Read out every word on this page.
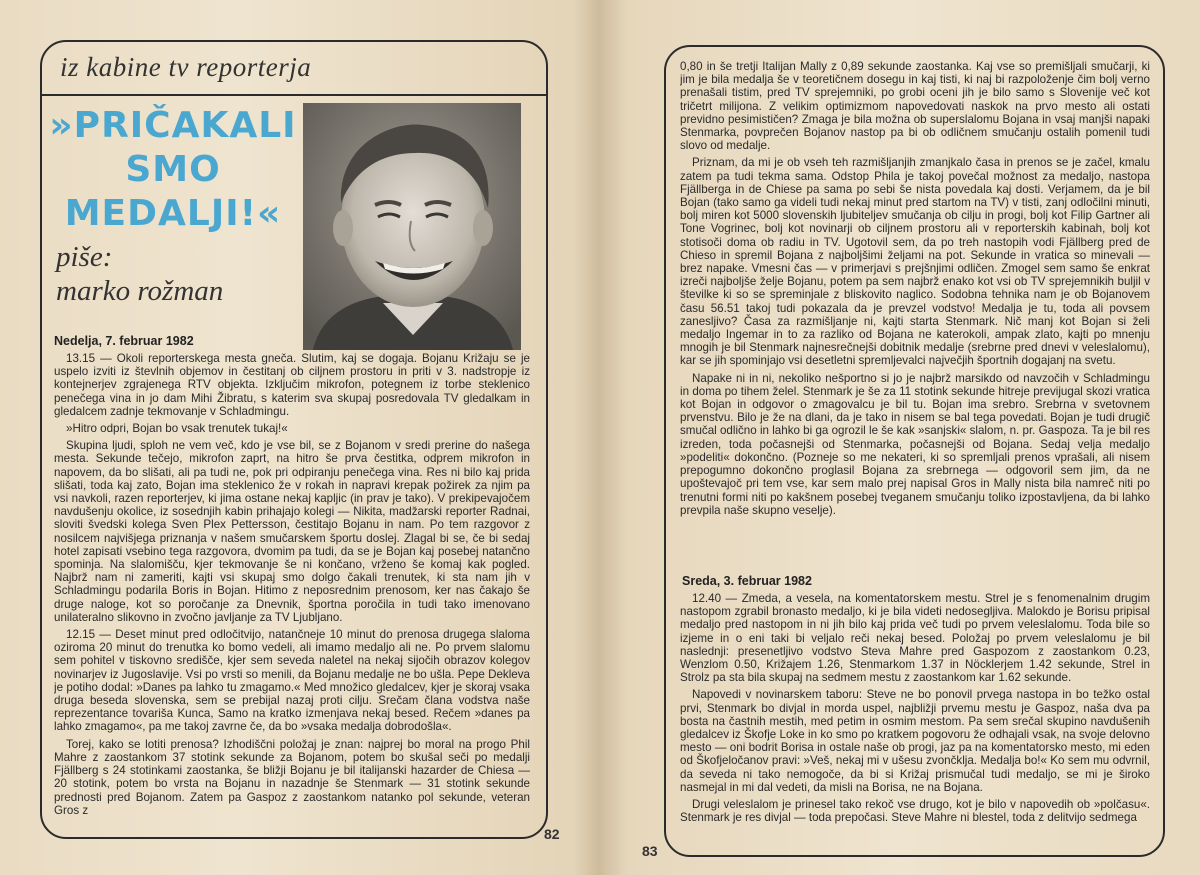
iz kabine tv reporterja
»PRIČAKALI SMO MEDALJI!«
piše:
marko rožman
Nedelja, 7. februar 1982

13.15 — Okoli reporterskega mesta gneča. Slutim, kaj se dogaja. Bojanu Križaju se je uspelo izviti iz števlnih objemov in čestitanj ob ciljnem prostoru in priti v 3. nadstropje iz kontejnerjev zgrajenega RTV objekta. Izključim mikrofon, potegnem iz torbe steklenico penečega vina in jo dam Mihi Žibratu, s katerim sva skupaj posredovala TV gledalkam in gledalcem zadnje tekmovanje v Schladmingu.

»Hitro odpri, Bojan bo vsak trenutek tukaj!«

Skupina ljudi, sploh ne vem več, kdo je vse bil, se z Bojanom v sredi prerine do našega mesta. Sekunde tečejo, mikrofon zaprt, na hitro še prva čestitka, odprem mikrofon in napovem, da bo slišati, ali pa tudi ne, pok pri odpiranju penečega vina. Res ni bilo kaj prida slišati, toda kaj zato, Bojan ima steklenico že v rokah in napravi krepak požirek za njim pa vsi navkoli, razen reporterjev, ki jima ostane nekaj kapljic (in prav je tako). V prekipevajočem navdušenju okolice, iz sosednjih kabin prihajajo kolegi — Nikita, madžarski reporter Radnai, sloviti švedski kolega Sven Plex Pettersson, čestitajo Bojanu in nam. Po tem razgovor z nosilcem najvišjega priznanja v našem smučarskem športu doslej. Zlagal bi se, če bi sedaj hotel zapisati vsebino tega razgovora, dvomim pa tudi, da se je Bojan kaj posebej natančno spominja. Na slalomišču, kjer tekmovanje še ni končano, vrženo še komaj kak pogled. Najbrž nam ni zameriti, kajti vsi skupaj smo dolgo čakali trenutek, ki sta nam jih v Schladmingu podarila Boris in Bojan. Hitimo z neposrednim prenosom, ker nas čakajo še druge naloge, kot so poročanje za Dnevnik, športna poročila in tudi tako imenovano unilateralno slikovno in zvočno javljanje za TV Ljubljano.

12.15 — Deset minut pred odločitvijo, natančneje 10 minut do prenosa drugega slaloma oziroma 20 minut do trenutka ko bomo vedeli, ali imamo medaljo ali ne. Po prvem slalomu sem pohitel v tiskovno središče, kjer sem seveda naletel na nekaj sijočih obrazov kolegov novinarjev iz Jugoslavije. Vsi po vrsti so menili, da Bojanu medalje ne bo ušla. Pepe Dekleva je potiho dodal: »Danes pa lahko tu zmagamo.« Med množico gledalcev, kjer je skoraj vsaka druga beseda slovenska, sem se prebijal nazaj proti cilju. Srečam člana vodstva naše reprezentance tovariša Kunca, Samo na kratko izmenjava nekaj besed. Rečem »danes pa lahko zmagamo«, pa me takoj zavrne če, da bo »vsaka medalja dobrodošla«.

Torej, kako se lotiti prenosa? Izhodiščni položaj je znan: najprej bo moral na progo Phil Mahre z zaostankom 37 stotink sekunde za Bojanom, potem bo skušal seči po medalji Fjällberg s 24 stotinkami zaostanka, še bližji Bojanu je bil italijanski hazarder de Chiesa — 20 stotink, potem bo vrsta na Bojanu in nazadnje še Stenmark — 31 stotink sekunde prednosti pred Bojanom. Zatem pa Gaspoz z zaostankom natanko pol sekunde, veteran Gros z

82

0,80 in še tretji Italijan Mally z 0,89 sekunde zaostanka. Kaj vse so premišljali smučarji, ki jim je bila medalja še v teoretičnem dosegu in kaj tisti, ki naj bi razpoloženje čim bolj verno prenašali tistim, pred TV sprejemniki, po grobi oceni jih je bilo samo s Slovenije več kot tričetrt milijona. Z velikim optimizmom napovedovati naskok na prvo mesto ali ostati previdno pesimističen? Zmaga je bila možna ob superslalomu Bojana in vsaj manjši napaki Stenmarka, povprečen Bojanov nastop pa bi ob odličnem smučanju ostalih pomenil tudi slovo od medalje.

Priznam, da mi je ob vseh teh razmišljanjih zmanjkalo časa in prenos se je začel, kmalu zatem pa tudi tekma sama. Odstop Phila je takoj povečal možnost za medaljo, nastopa Fjällberga in de Chiese pa sama po sebi še nista povedala kaj dosti. Verjamem, da je bil Bojan (tako samo ga videli tudi nekaj minut pred startom na TV) v tisti, zanj odločilni minuti, bolj miren kot 5000 slovenskih ljubiteljev smučanja ob cilju in progi, bolj kot Filip Gartner ali Tone Vogrinec, bolj kot novinarji ob ciljnem prostoru ali v reporterskih kabinah, bolj kot stotisoči doma ob radiu in TV. Ugotovil sem, da po treh nastopih vodi Fjällberg pred de Chieso in spremil Bojana z najboljšimi željami na pot. Sekunde in vratica so minevali — brez napake. Vmesni čas — v primerjavi s prejšnjimi odličen. Zmogel sem samo še enkrat izreči najboljše želje Bojanu, potem pa sem najbrž enako kot vsi ob TV sprejemnikih buljil v številke ki so se spreminjale z bliskovito naglico. Sodobna tehnika nam je ob Bojanovem času 56.51 takoj tudi pokazala da je prevzel vodstvo! Medalja je tu, toda ali povsem zanesljivo? Časa za razmišljanje ni, kajti starta Stenmark. Nič manj kot Bojan si želi medaljo Ingemar in to za razliko od Bojana ne katerokoli, ampak zlato, kajti po mnenju mnogih je bil Stenmark najnesrečnejši dobitnik medalje (srebrne pred dnevi v veleslalomu), kar se jih spominjajo vsi desetletni spremljevalci največjih športnih dogajanj na svetu.

Napake ni in ni, nekoliko nešportno si jo je najbrž marsikdo od navzočih v Schladmingu in doma po tihem želel. Stenmark je še za 11 stotink sekunde hitreje previjugal skozi vratica kot Bojan in odgovor o zmagovalcu je bil tu. Bojan ima srebro. Srebrna v svetovnem prvenstvu. Bilo je že na dlani, da je tako in nisem se bal tega povedati. Bojan je tudi drugič smučal odlično in lahko bi ga ogrozil le še kak »sanjski« slalom, n. pr. Gaspoza. Ta je bil res izreden, toda počasnejši od Stenmarka, počasnejši od Bojana. Sedaj velja medaljo »podeliti« dokončno. (Pozneje so me nekateri, ki so spremljali prenos vprašali, ali nisem prepogumno dokončno proglasil Bojana za srebrnega — odgovoril sem jim, da ne upoštevajoč pri tem vse, kar sem malo prej napisal Gros in Mally nista bila namreč niti po trenutni formi niti po kakšnem posebej tveganem smučanju toliko izpostavljena, da bi lahko prevpila naše skupno veselje).

Sreda, 3. februar 1982

12.40 — Zmeda, a vesela, na komentatorskem mestu. Strel je s fenomenalnim drugim nastopom zgrabil bronasto medaljo, ki je bila videti nedosegljiva. Malokdo je Borisu pripisal medaljo pred nastopom in ni jih bilo kaj prida več tudi po prvem veleslalomu. Toda bile so izjeme in o eni taki bi veljalo reči nekaj besed. Položaj po prvem veleslalomu je bil naslednji: presenetljivo vodstvo Steva Mahre pred Gaspozom z zaostankom 0.23, Wenzlom 0.50, Križajem 1.26, Stenmarkom 1.37 in Nöcklerjem 1.42 sekunde, Strel in Strolz pa sta bila skupaj na sedmem mestu z zaostankom kar 1.62 sekunde.

Napovedi v novinarskem taboru: Steve ne bo ponovil prvega nastopa in bo težko ostal prvi, Stenmark bo divjal in morda uspel, najbližji prvemu mestu je Gaspoz, naša dva pa bosta na častnih mestih, med petim in osmim mestom. Pa sem srečal skupino navdušenih gledalcev iz Škofje Loke in ko smo po kratkem pogovoru že odhajali vsak, na svoje delovno mesto — oni bodrit Borisa in ostale naše ob progi, jaz pa na komentatorsko mesto, mi eden od Škofjeločanov pravi: »Veš, nekaj mi v ušesu zvončklja. Medalja bo!« Ko sem mu odvrnil, da seveda ni tako nemogoče, da bi si Križaj prismučal tudi medaljo, se mi je široko nasmejal in mi dal vedeti, da misli na Borisa, ne na Bojana.

Drugi veleslalom je prinesel tako rekoč vse drugo, kot je bilo v napovedih ob »polčasu«. Stenmark je res divjal — toda prepočasi. Steve Mahre ni blestel, toda z delitvijo sedmega

83
